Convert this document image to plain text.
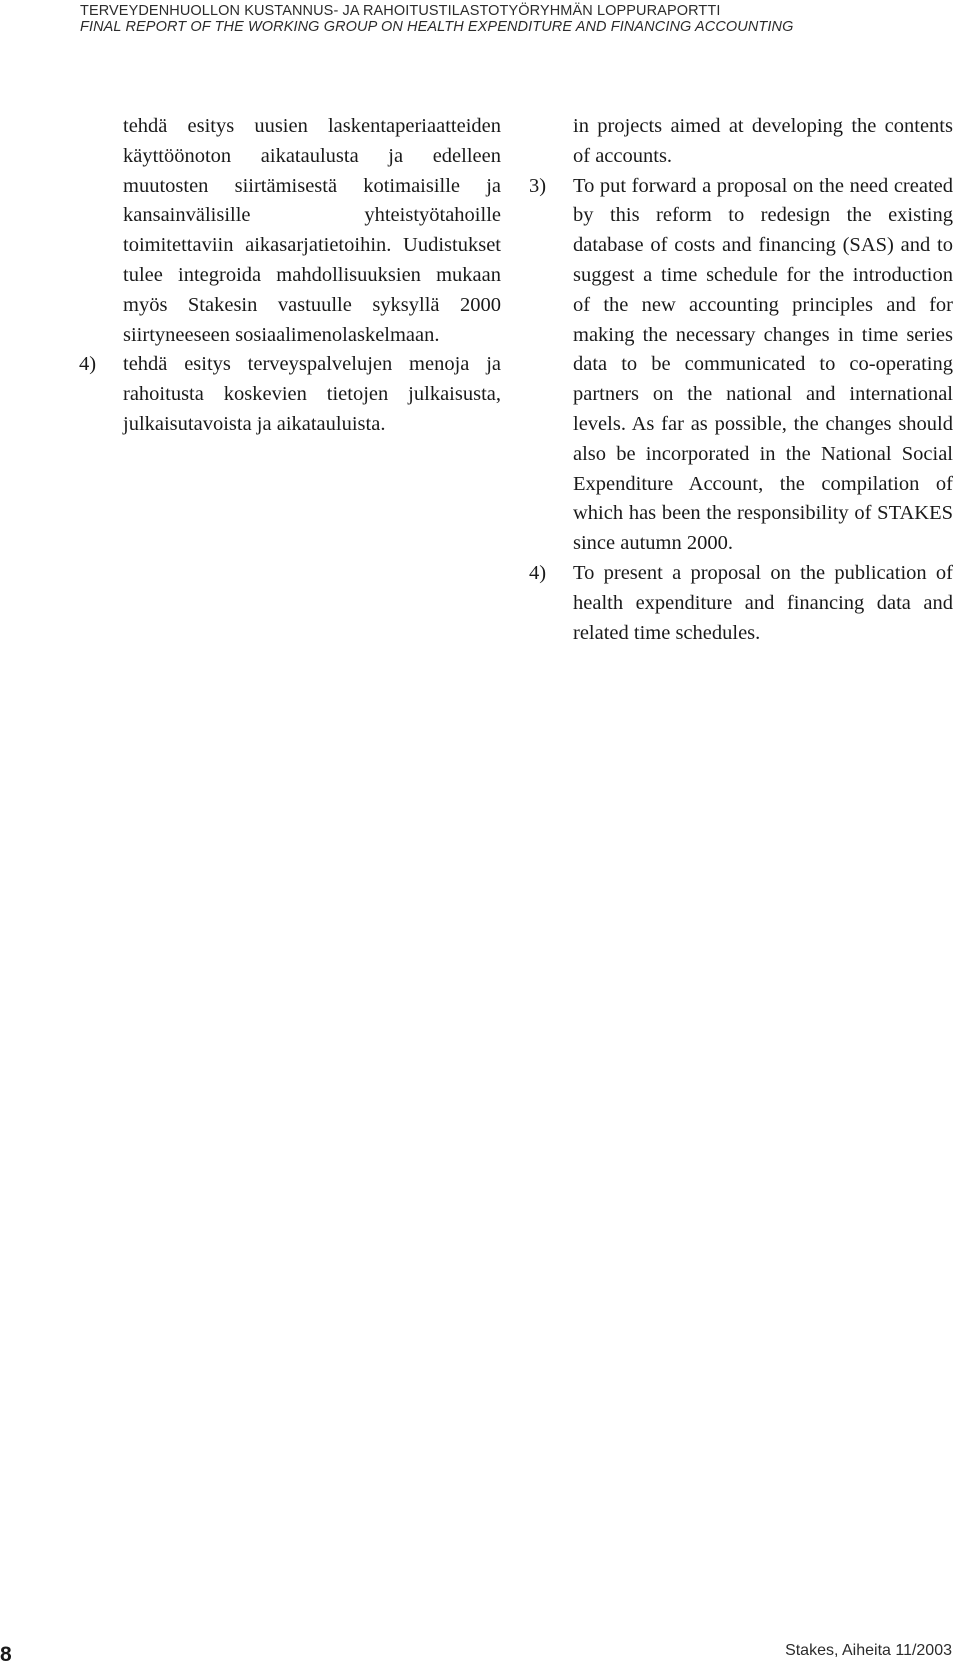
TERVEYDENHUOLLON KUSTANNUS- JA RAHOITUSTILASTOTYÖRYHMÄN LOPPURAPORTTI
FINAL REPORT OF THE WORKING GROUP ON HEALTH EXPENDITURE AND FINANCING ACCOUNTING

tehdä esitys uusien laskentaperiaatteiden käyttöönoton aikataulusta ja edelleen muutosten siirtämisestä kotimaisille ja kansainvälisille yhteistyötahoille toimitettaviin aikasarjatietoihin. Uudistukset tulee integroida mahdollisuuksien mukaan myös Stakesin vastuulle syksyllä 2000 siirtyneeseen sosiaalimenolaskelmaan.

4)	tehdä esitys terveyspalvelujen menoja ja rahoitusta koskevien tietojen julkaisusta, julkaisutavoista ja aikatauluista.

in projects aimed at developing the contents of accounts.

3)	To put forward a proposal on the need created by this reform to redesign the existing database of costs and financing (SAS) and to suggest a time schedule for the introduction of the new accounting principles and for making the necessary changes in time series data to be communicated to co-operating partners on the national and international levels. As far as possible, the changes should also be incorporated in the National Social Expenditure Account, the compilation of which has been the responsibility of STAKES since autumn 2000.
4)	To present a proposal on the publication of health expenditure and financing data and related time schedules.
8	Stakes, Aiheita 11/2003
